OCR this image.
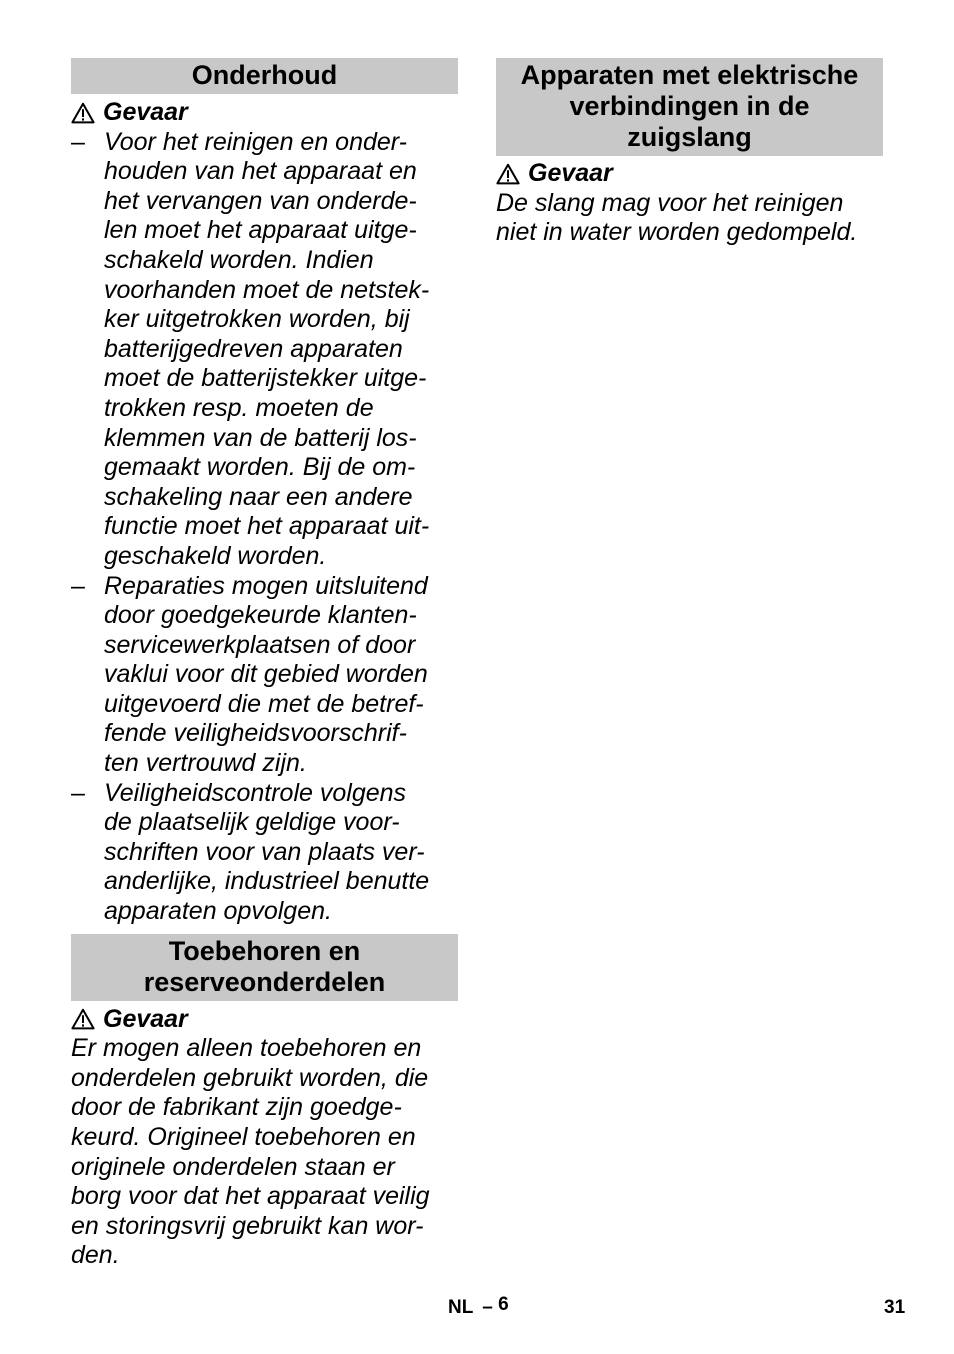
Onderhoud
Gevaar
– Voor het reinigen en onder-
houden van het apparaat en
het vervangen van onderde-
len moet het apparaat uitge-
schakeld worden. Indien
voorhanden moet de netstek-
ker uitgetrokken worden, bij
batterijgedreven apparaten
moet de batterijstekker uitge-
trokken resp. moeten de
klemmen van de batterij los-
gemaakt worden. Bij de om-
schakeling naar een andere
functie moet het apparaat uit-
geschakeld worden.
– Reparaties mogen uitsluitend
door goedgekeurde klanten-
servicewerkplaatsen of door
vaklui voor dit gebied worden
uitgevoerd die met de betref-
fende veiligheidsvoorschrif-
ten vertrouwd zijn.
– Veiligheidscontrole volgens
de plaatselijk geldige voor-
schriften voor van plaats ver-
anderlijke, industrieel benutte
apparaten opvolgen.
Toebehoren en
reserveonderdelen
Gevaar
Er mogen alleen toebehoren en
onderdelen gebruikt worden, die
door de fabrikant zijn goedge-
keurd. Origineel toebehoren en
originele onderdelen staan er
borg voor dat het apparaat veilig
en storingsvrij gebruikt kan wor-
den.
Apparaten met elektrische
verbindingen in de
zuigslang
Gevaar
De slang mag voor het reinigen
niet in water worden gedompeld.
NL – 6	31
